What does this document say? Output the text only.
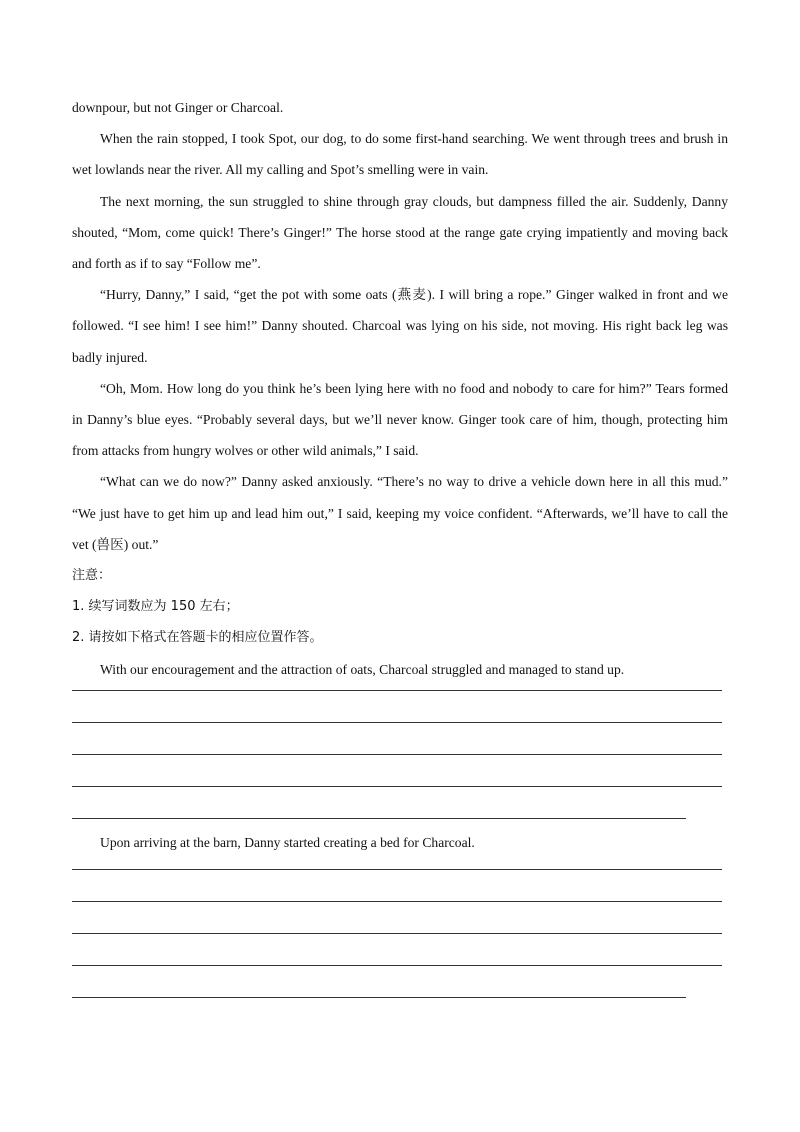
downpour, but not Ginger or Charcoal.

When the rain stopped, I took Spot, our dog, to do some first-hand searching. We went through trees and brush in wet lowlands near the river. All my calling and Spot’s smelling were in vain.

The next morning, the sun struggled to shine through gray clouds, but dampness filled the air. Suddenly, Danny shouted, “Mom, come quick! There’s Ginger!” The horse stood at the range gate crying impatiently and moving back and forth as if to say “Follow me”.

“Hurry, Danny,” I said, “get the pot with some oats (燕麦). I will bring a rope.” Ginger walked in front and we followed. “I see him! I see him!” Danny shouted. Charcoal was lying on his side, not moving. His right back leg was badly injured.

“Oh, Mom. How long do you think he’s been lying here with no food and nobody to care for him?” Tears formed in Danny’s blue eyes. “Probably several days, but we’ll never know. Ginger took care of him, though, protecting him from attacks from hungry wolves or other wild animals,” I said.

“What can we do now?” Danny asked anxiously. “There’s no way to drive a vehicle down here in all this mud.” “We just have to get him up and lead him out,” I said, keeping my voice confident. “Afterwards, we’ll have to call the vet (兽医) out.”

注意：

1. 续写词数应为 150 左右；

2. 请按如下格式在答题卡的相应位置作答。

With our encouragement and the attraction of oats, Charcoal struggled and managed to stand up.

Upon arriving at the barn, Danny started creating a bed for Charcoal.
